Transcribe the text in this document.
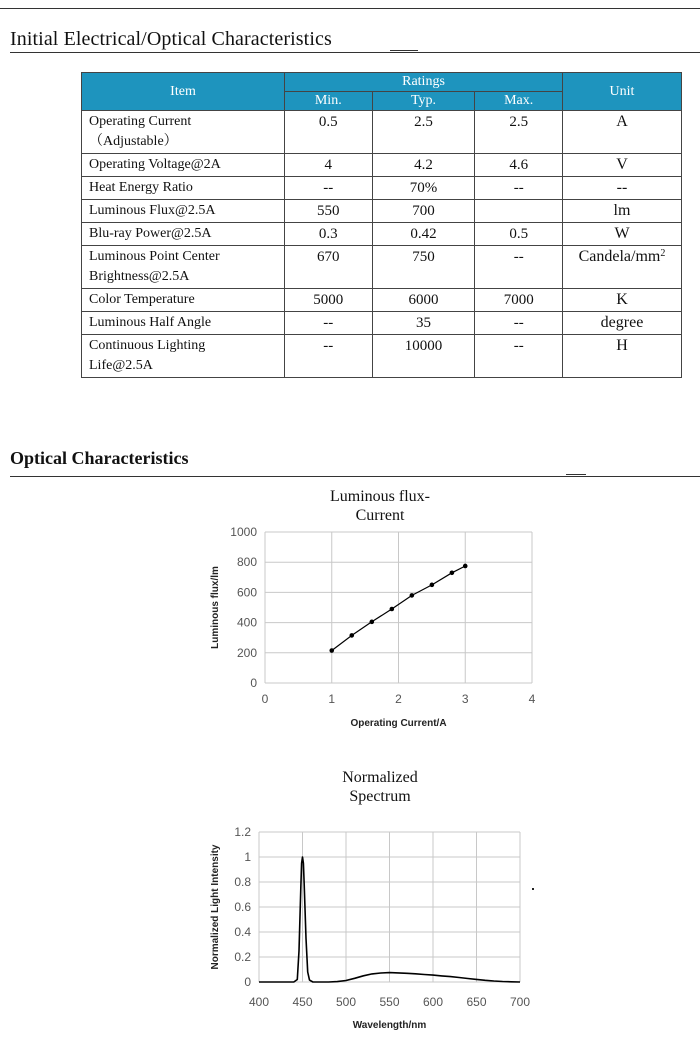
Initial Electrical/Optical Characteristics
Item	Ratings			Unit
	Min.	Typ.	Max.	

Operating Current
（Adjustable）	0.5	2.5	2.5	A

Operating Voltage@2A	4	4.2	4.6	V

Heat Energy Ratio	--	70%	--	--

Luminous Flux@2.5A	550	700		lm

Blu-ray Power@2.5A	0.3	0.42	0.5	W

Luminous Point Center
Brightness@2.5A	670	750	--	Candela/$mm^2$

Color Temperature	5000	6000	7000	K

Luminous Half Angle	--	35	--	degree

Continuous Lighting
Life@2.5A	--	10000	--	H
Optical Characteristics
Luminous flux-
Current
Normalized
Spectrum
0
200
400
600
800
1000
0	1	2	3	4
Operating Current/A
Luminous flux/lm
0
0.2
0.4
0.6
0.8
1
1.2
400 450 500 550 600 650 700
Wavelength/nm
Normalized Light Intensity
